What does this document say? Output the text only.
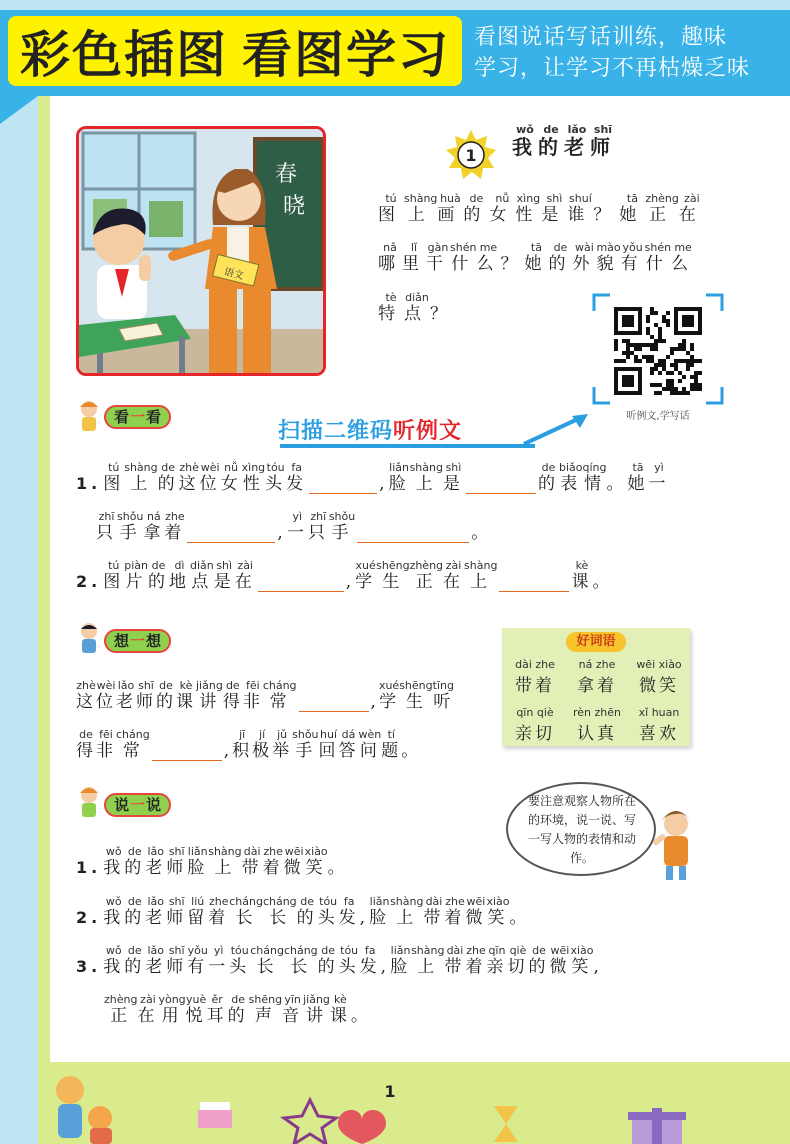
彩色插图 看图学习 看图说话写话训练，趣味
学习，让学习不再枯燥乏味
1
春晓
语文
1 我wǒ的de老lǎo师shī
图tú上shàng画huà的de女nǚ性xìng是shì谁shuí？ 她tā正zhèng在zài
哪nǎ里lǐ干gàn什shén么me？ 她tā的de外wài貌mào有yǒu什shén么me
特tè点diǎn？
听例文,学写话
扫描二维码听例文
看一看
1. 图tú上shàng的de这zhè位wèi女nǚ性xìng头tóu发fa, 脸liǎn上shàng是shì的de表biǎo情qíng。 她tā一yì
只zhī手shǒu拿ná着zhe, 一yì只zhī手shǒu。
2. 图tú片piàn的de地dì点diǎn是shì在zài, 学xué生shēng正zhèng在zài上shàng课kè。
想一想
这zhè位wèi老lǎo师shī的de课kè讲jiǎng得de非fēi常cháng, 学xué生shēng听tīng
得de非fēi常cháng, 积jī极jí举jǔ手shǒu回huí答dá问wèn题tí。
好词语
dài zhe
带着
ná zhe
拿着
wēi xiào
微笑
qīn qiè
亲切
rèn zhēn
认真
xǐ huan
喜欢
说一说	要注意观察人物所在的环境，说一说、写一写人物的表情和动作。
1. 我wǒ的de老lǎo师shī脸liǎn上shàng带dài着zhe微wēi笑xiào。
2. 我wǒ的de老lǎo师shī留liú着zhe长cháng长cháng的de头tóu发fa, 脸liǎn上shàng带dài着zhe微wēi笑xiào。
3. 我wǒ的de老lǎo师shī有yǒu一yì头tóu长cháng长cháng的de头tóu发fa, 脸liǎn上shàng带dài着zhe亲qīn切qiè的de微wēi笑xiào,
正zhèng在zài用yòng悦yuè耳ěr的de声shēng音yīn讲jiǎng课kè。
